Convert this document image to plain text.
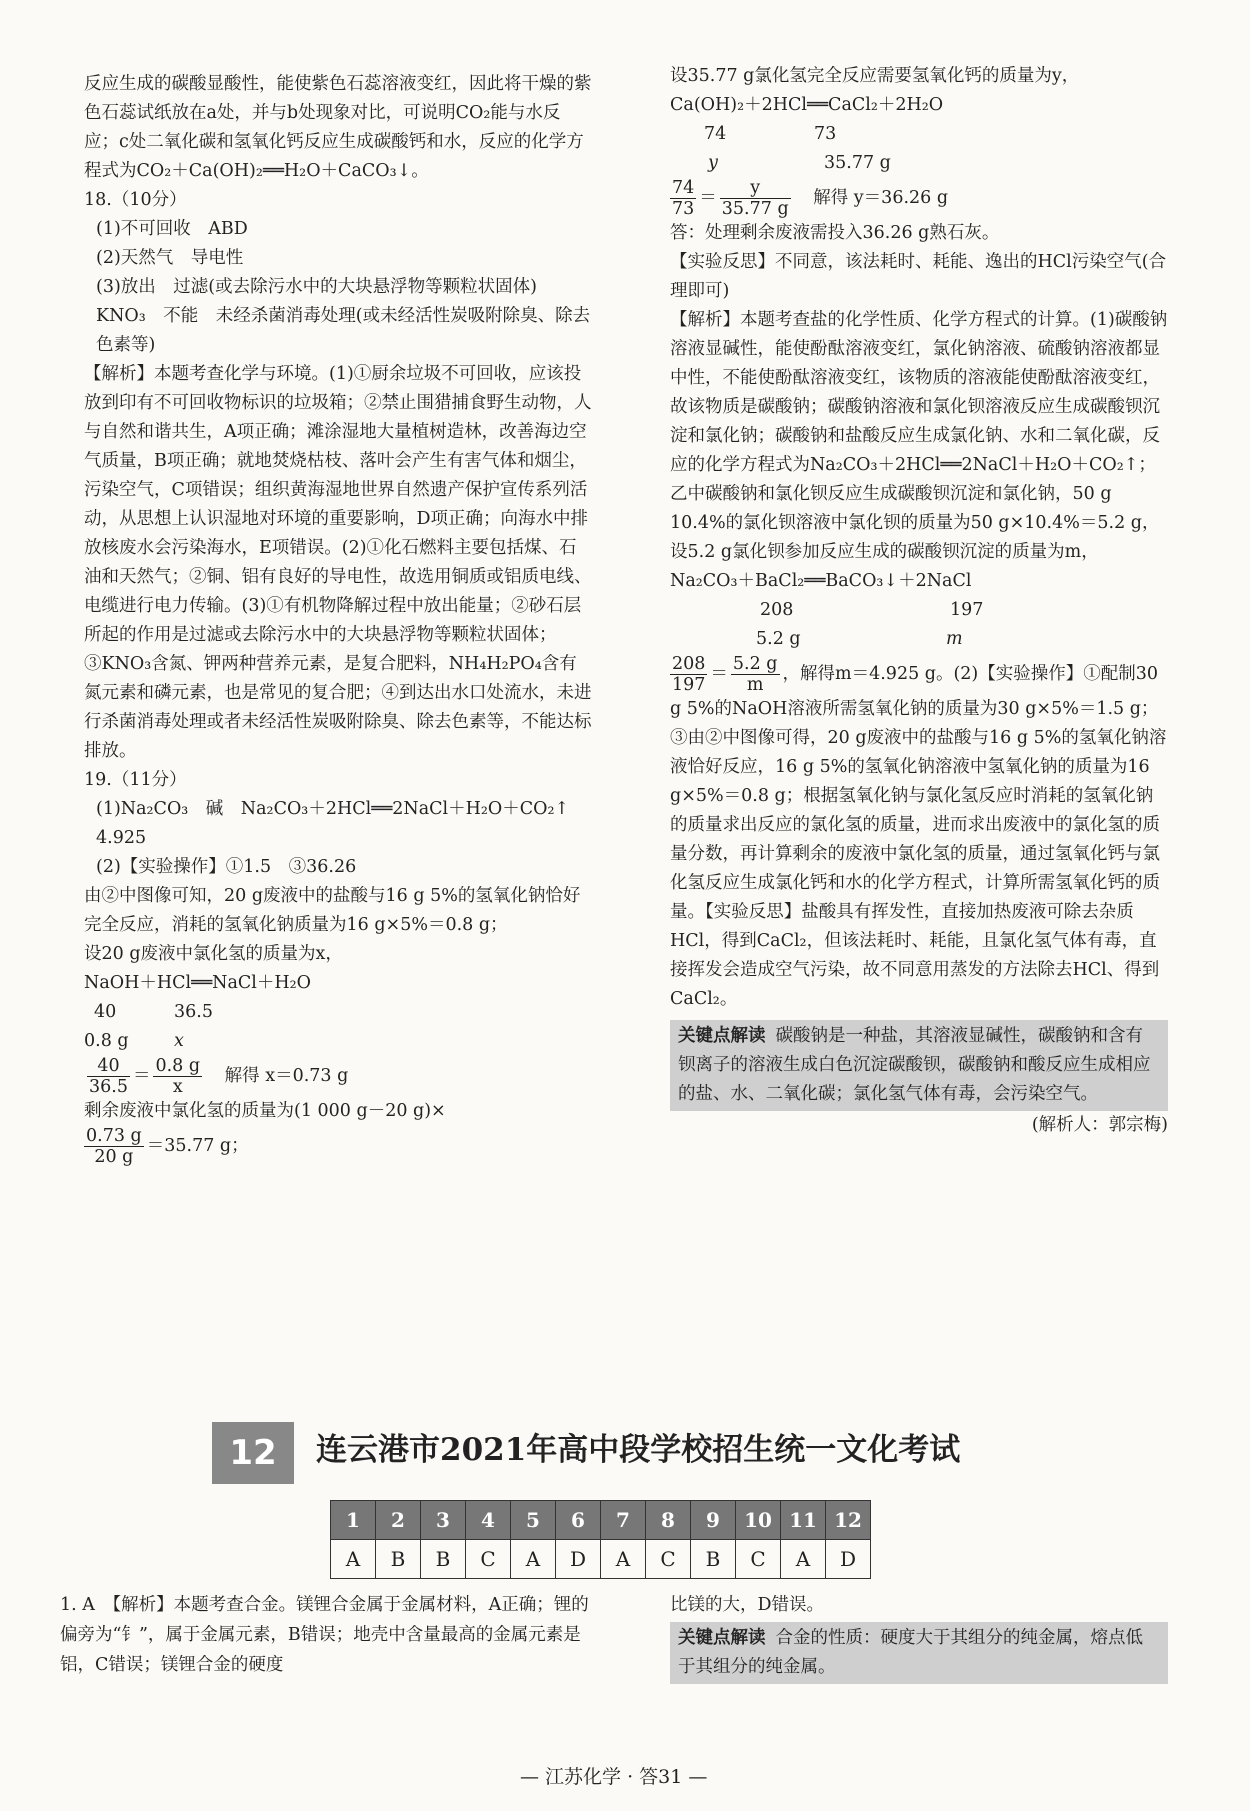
反应生成的碳酸显酸性，能使紫色石蕊溶液变红，因此将干燥的紫色石蕊试纸放在a处，并与b处现象对比，可说明CO₂能与水反应；c处二氧化碳和氢氧化钙反应生成碳酸钙和水，反应的化学方程式为CO₂＋Ca(OH)₂══H₂O＋CaCO₃↓。

18.（10分）

(1)不可回收　ABD

(2)天然气　导电性

(3)放出　过滤(或去除污水中的大块悬浮物等颗粒状固体)　KNO₃　不能　未经杀菌消毒处理(或未经活性炭吸附除臭、除去色素等)

【解析】本题考查化学与环境。(1)①厨余垃圾不可回收，应该投放到印有不可回收物标识的垃圾箱；②禁止围猎捕食野生动物，人与自然和谐共生，A项正确；滩涂湿地大量植树造林，改善海边空气质量，B项正确；就地焚烧枯枝、落叶会产生有害气体和烟尘，污染空气，C项错误；组织黄海湿地世界自然遗产保护宣传系列活动，从思想上认识湿地对环境的重要影响，D项正确；向海水中排放核废水会污染海水，E项错误。(2)①化石燃料主要包括煤、石油和天然气；②铜、铝有良好的导电性，故选用铜质或铝质电线、电缆进行电力传输。(3)①有机物降解过程中放出能量；②砂石层所起的作用是过滤或去除污水中的大块悬浮物等颗粒状固体；③KNO₃含氮、钾两种营养元素，是复合肥料，NH₄H₂PO₄含有氮元素和磷元素，也是常见的复合肥；④到达出水口处流水，未进行杀菌消毒处理或者未经活性炭吸附除臭、除去色素等，不能达标排放。

19.（11分）

(1)Na₂CO₃　碱　Na₂CO₃＋2HCl══2NaCl＋H₂O＋CO₂↑　4.925

(2)【实验操作】①1.5　③36.26

由②中图像可知，20 g废液中的盐酸与16 g 5%的氢氧化钠恰好完全反应，消耗的氢氧化钠质量为16 g×5%＝0.8 g；

设20 g废液中氯化氢的质量为x，

NaOH＋HCl══NaCl＋H₂O

40	36.5

0.8 g	x

$\frac{40}{36.5} = \frac{0.8 g}{x}$ 解得 x＝0.73 g

剩余废液中氯化氢的质量为(1 000 g－20 g)×

$\frac{0.73 g}{20 g} =35.77$ g；

设35.77 g氯化氢完全反应需要氢氧化钙的质量为y，

Ca(OH)₂＋2HCl══CaCl₂＋2H₂O

74	73

y	35.77 g

$\frac{74}{73} = \frac{y}{35.77 g}$ 解得 y＝36.26 g

答：处理剩余废液需投入36.26 g熟石灰。

【实验反思】不同意，该法耗时、耗能、逸出的HCl污染空气(合理即可)

【解析】本题考查盐的化学性质、化学方程式的计算。(1)碳酸钠溶液显碱性，能使酚酞溶液变红，氯化钠溶液、硫酸钠溶液都显中性，不能使酚酞溶液变红，该物质的溶液能使酚酞溶液变红，故该物质是碳酸钠；碳酸钠溶液和氯化钡溶液反应生成碳酸钡沉淀和氯化钠；碳酸钠和盐酸反应生成氯化钠、水和二氧化碳，反应的化学方程式为Na₂CO₃＋2HCl══2NaCl＋H₂O＋CO₂↑；乙中碳酸钠和氯化钡反应生成碳酸钡沉淀和氯化钠，50 g 10.4%的氯化钡溶液中氯化钡的质量为50 g×10.4%＝5.2 g，设5.2 g氯化钡参加反应生成的碳酸钡沉淀的质量为m，

Na₂CO₃＋BaCl₂══BaCO₃↓＋2NaCl

208	197

5.2 g	m

$\frac{208}{197} = \frac{5.2 g}{m}$ ，解得m＝4.925 g。(2)【实验操作】①配制30 g 5%的NaOH溶液所需氢氧化钠的质量为30 g×5%＝1.5 g；③由②中图像可得，20 g废液中的盐酸与16 g 5%的氢氧化钠溶液恰好反应，16 g 5%的氢氧化钠溶液中氢氧化钠的质量为16 g×5%＝0.8 g；根据氢氧化钠与氯化氢反应时消耗的氢氧化钠的质量求出反应的氯化氢的质量，进而求出废液中的氯化氢的质量分数，再计算剩余的废液中氯化氢的质量，通过氢氧化钙与氯化氢反应生成氯化钙和水的化学方程式，计算所需氢氧化钙的质量。【实验反思】盐酸具有挥发性，直接加热废液可除去杂质HCl，得到CaCl₂，但该法耗时、耗能，且氯化氢气体有毒，直接挥发会造成空气污染，故不同意用蒸发的方法除去HCl、得到CaCl₂。

关键点解读 碳酸钠是一种盐，其溶液显碱性，碳酸钠和含有钡离子的溶液生成白色沉淀碳酸钡，碳酸钠和酸反应生成相应的盐、水、二氧化碳；氯化氢气体有毒，会污染空气。

(解析人：郭宗梅)

12	连云港市2021年高中段学校招生统一文化考试
1	2	3	4	5	6	7	8	9	10	11	12
A	B	B	C	A	D	A	C	B	C	A	D
1. A　【解析】本题考查合金。镁锂合金属于金属材料，A正确；锂的偏旁为“钅”，属于金属元素，B错误；地壳中含量最高的金属元素是铝，C错误；镁锂合金的硬度
比镁的大，D错误。
关键点解读 合金的性质：硬度大于其组分的纯金属，熔点低于其组分的纯金属。
— 江苏化学 · 答31 —
